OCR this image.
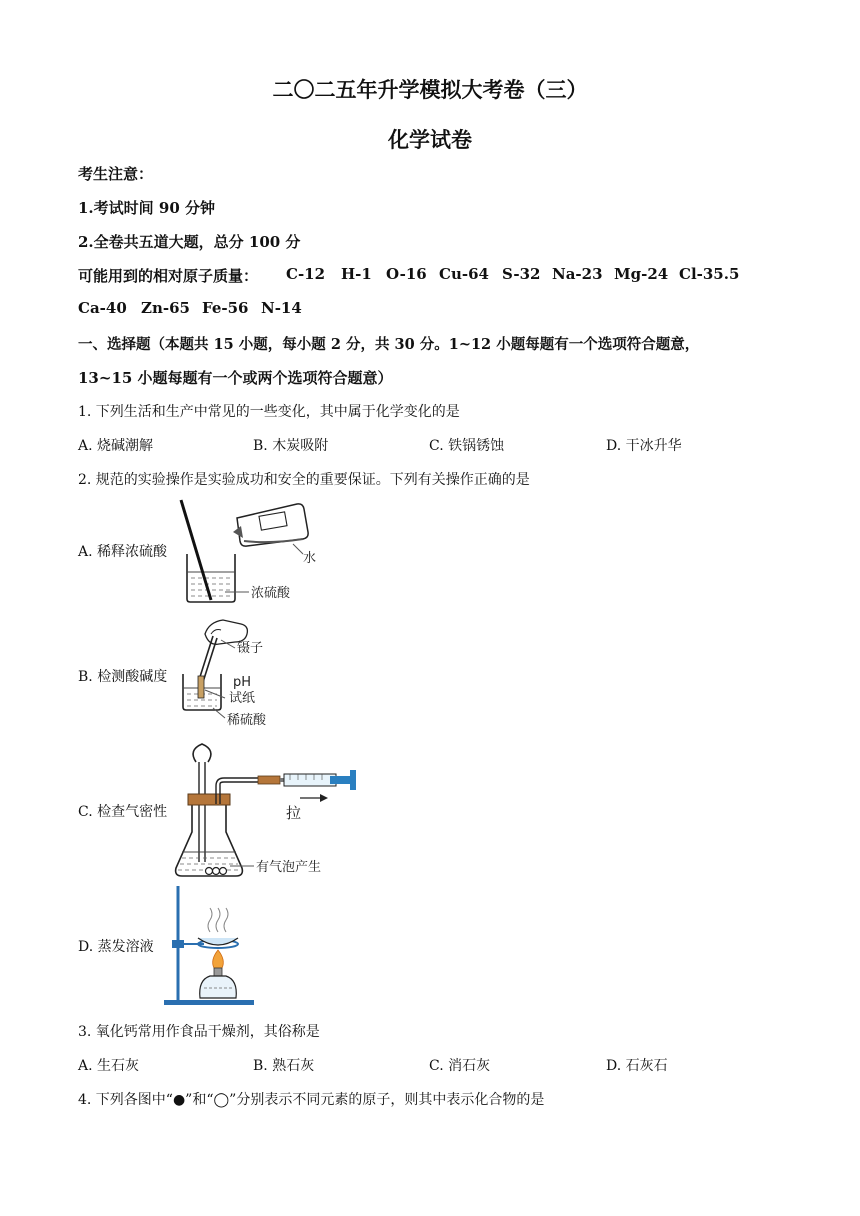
二〇二五年升学模拟大考卷（三）
化学试卷
考生注意：
1.考试时间 90 分钟
2.全卷共五道大题，总分 100 分
可能用到的相对原子质量： C-12 H-1 O-16 Cu-64 S-32 Na-23 Mg-24 Cl-35.5
Ca-40 Zn-65 Fe-56 N-14
一、选择题（本题共 15 小题，每小题 2 分，共 30 分。1~12 小题每题有一个选项符合题意，
13~15 小题每题有一个或两个选项符合题意）
1. 下列生活和生产中常见的一些变化，其中属于化学变化的是
A. 烧碱潮解	B. 木炭吸附	C. 铁锅锈蚀	D. 干冰升华
2. 规范的实验操作是实验成功和安全的重要保证。下列有关操作正确的是
A. 稀释浓硫酸	水
浓硫酸
B. 检测酸碱度
镊子
pH
试纸
稀硫酸
C. 检查气密性	拉
有气泡产生
D. 蒸发溶液
3. 氧化钙常用作食品干燥剂，其俗称是
A. 生石灰	B. 熟石灰	C. 消石灰	D. 石灰石
4. 下列各图中“●”和“◯”分别表示不同元素的原子，则其中表示化合物的是
